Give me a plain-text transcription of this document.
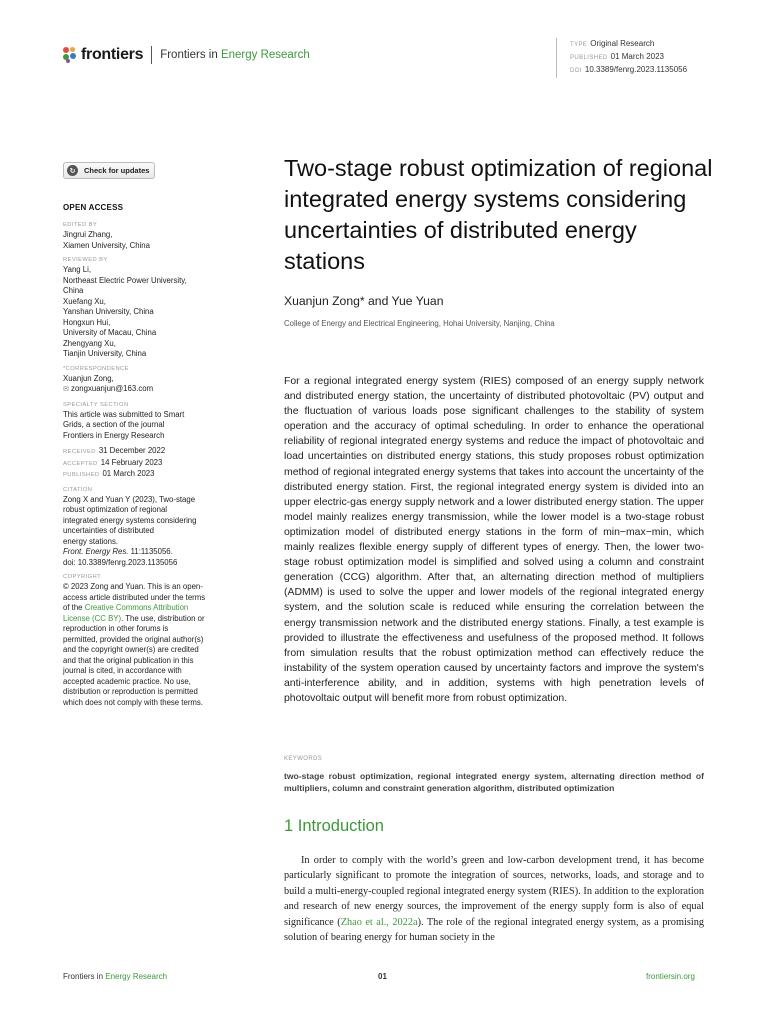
frontiers Frontiers in Energy Research
TYPE Original Research
PUBLISHED 01 March 2023
DOI 10.3389/fenrg.2023.1135056
↻	Check for updates
OPEN ACCESS
EDITED BY
Jingrui Zhang,
Xiamen University, China
REVIEWED BY
Yang Li,
Northeast Electric Power University,
China
Xuefang Xu,
Yanshan University, China
Hongxun Hui,
University of Macau, China
Zhengyang Xu,
Tianjin University, China
*CORRESPONDENCE
Xuanjun Zong,
✉ zongxuanjun@163.com
SPECIALTY SECTION
This article was submitted to Smart
Grids, a section of the journal
Frontiers in Energy Research
RECEIVED 31 December 2022
ACCEPTED 14 February 2023
PUBLISHED 01 March 2023
CITATION
Zong X and Yuan Y (2023), Two-stage
robust optimization of regional
integrated energy systems considering
uncertainties of distributed
energy stations.
Front. Energy Res. 11:1135056.
doi: 10.3389/fenrg.2023.1135056
COPYRIGHT
© 2023 Zong and Yuan. This is an open-
access article distributed under the terms
of the Creative Commons Attribution
License (CC BY). The use, distribution or
reproduction in other forums is
permitted, provided the original author(s)
and the copyright owner(s) are credited
and that the original publication in this
journal is cited, in accordance with
accepted academic practice. No use,
distribution or reproduction is permitted
which does not comply with these terms.
Two-stage robust optimization of regional integrated energy systems considering uncertainties of distributed energy stations
Xuanjun Zong* and Yue Yuan
College of Energy and Electrical Engineering, Hohai University, Nanjing, China

For a regional integrated energy system (RIES) composed of an energy supply network and distributed energy station, the uncertainty of distributed photovoltaic (PV) output and the fluctuation of various loads pose significant challenges to the stability of system operation and the accuracy of optimal scheduling. In order to enhance the operational reliability of regional integrated energy systems and reduce the impact of photovoltaic and load uncertainties on distributed energy stations, this study proposes robust optimization method of regional integrated energy systems that takes into account the uncertainty of the distributed energy station. First, the regional integrated energy system is divided into an upper electric-gas energy supply network and a lower distributed energy station. The upper model mainly realizes energy transmission, while the lower model is a two-stage robust optimization model of distributed energy stations in the form of min−max−min, which mainly realizes flexible energy supply of different types of energy. Then, the lower two-stage robust optimization model is simplified and solved using a column and constraint generation (CCG) algorithm. After that, an alternating direction method of multipliers (ADMM) is used to solve the upper and lower models of the regional integrated energy system, and the solution scale is reduced while ensuring the correlation between the energy transmission network and the distributed energy stations. Finally, a test example is provided to illustrate the effectiveness and usefulness of the proposed method. It follows from simulation results that the robust optimization method can effectively reduce the instability of the system operation caused by uncertainty factors and improve the system's anti-interference ability, and in addition, systems with high penetration levels of photovoltaic output will benefit more from robust optimization.

KEYWORDS

two-stage robust optimization, regional integrated energy system, alternating direction method of multipliers, column and constraint generation algorithm, distributed optimization

1 Introduction

In order to comply with the world’s green and low-carbon development trend, it has become particularly significant to promote the integration of sources, networks, loads, and storage and to build a multi-energy-coupled regional integrated energy system (RIES). In addition to the exploration and research of new energy sources, the improvement of the energy supply form is also of equal significance (Zhao et al., 2022a). The role of the regional integrated energy system, as a promising solution of bearing energy for human society in the

Frontiers in Energy Research	01	frontiersin.org
